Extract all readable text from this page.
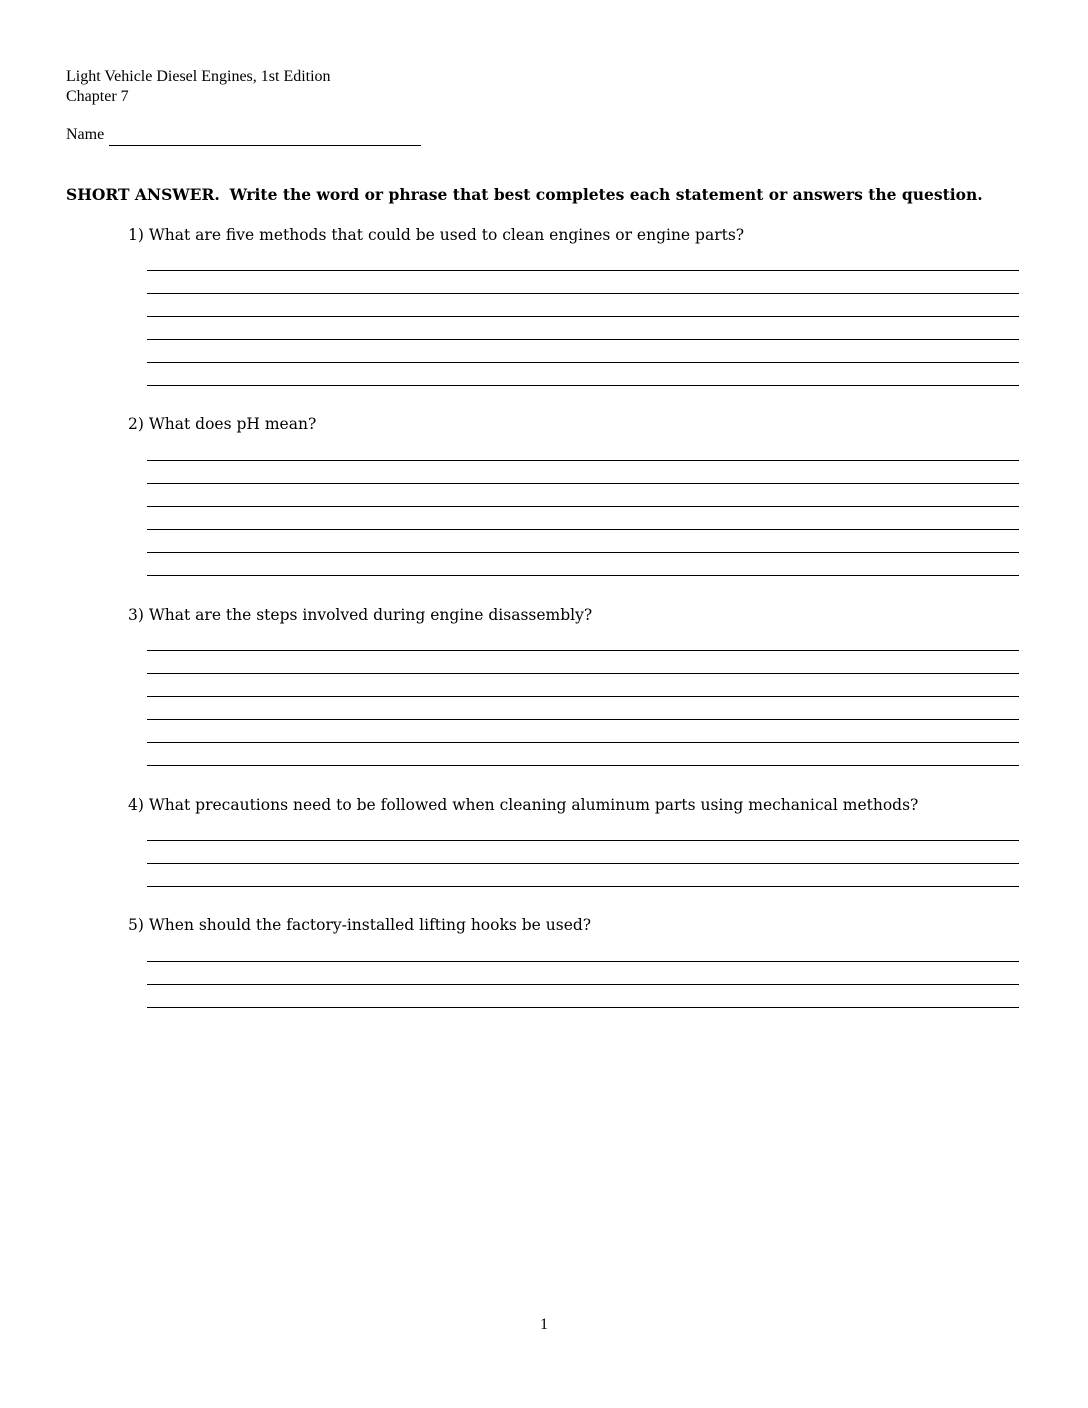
Light Vehicle Diesel Engines, 1st Edition
Chapter 7
Name
SHORT ANSWER. Write the word or phrase that best completes each statement or answers the question.
1) What are five methods that could be used to clean engines or engine parts?
2) What does pH mean?
3) What are the steps involved during engine disassembly?
4) What precautions need to be followed when cleaning aluminum parts using mechanical methods?
5) When should the factory-installed lifting hooks be used?
1
